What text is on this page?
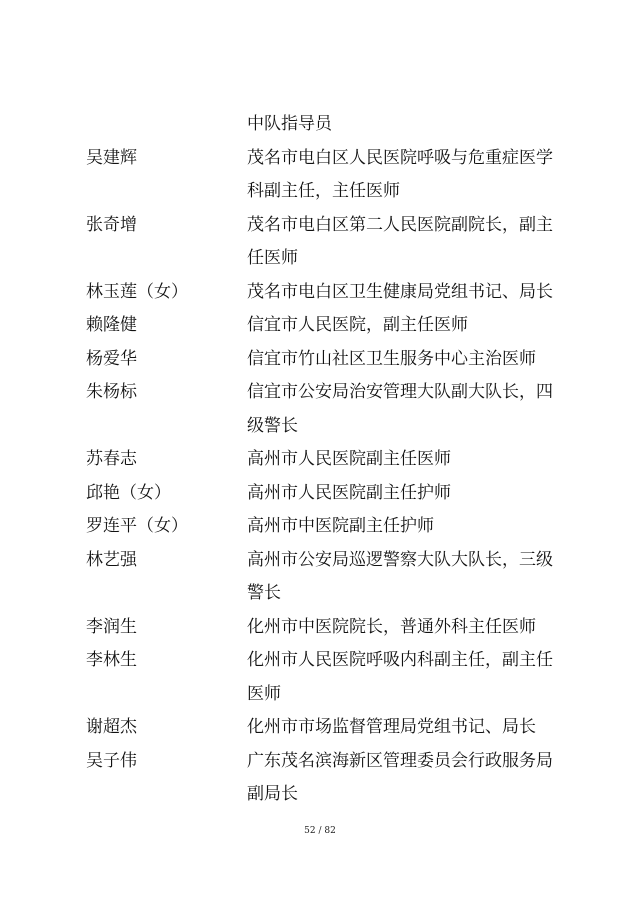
中队指导员
吴建辉	茂名市电白区人民医院呼吸与危重症医学
科副主任，主任医师
张奇增	茂名市电白区第二人民医院副院长，副主
任医师
林玉莲（女）	茂名市电白区卫生健康局党组书记、局长
赖隆健	信宜市人民医院，副主任医师
杨爱华	信宜市竹山社区卫生服务中心主治医师
朱杨标	信宜市公安局治安管理大队副大队长，四
级警长
苏春志	高州市人民医院副主任医师
邱艳（女）	高州市人民医院副主任护师
罗连平（女）	高州市中医院副主任护师
林艺强	高州市公安局巡逻警察大队大队长，三级
警长
李润生	化州市中医院院长，普通外科主任医师
李林生	化州市人民医院呼吸内科副主任，副主任
医师
谢超杰	化州市市场监督管理局党组书记、局长
吴子伟	广东茂名滨海新区管理委员会行政服务局
副局长
52 / 82
